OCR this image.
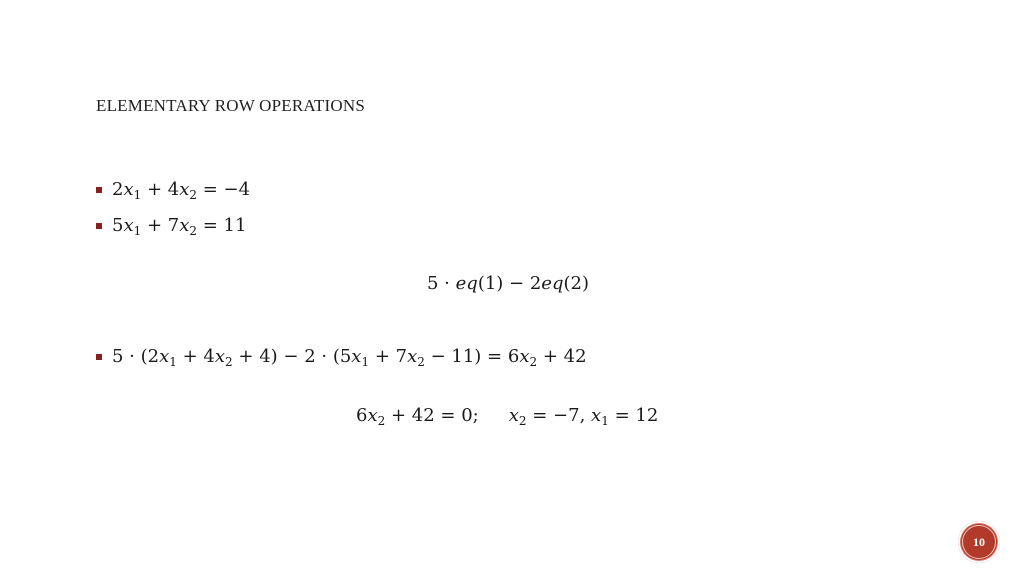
ELEMENTARY ROW OPERATIONS
$2x_1 + 4x_2 = -4$
$5x_1 + 7x_2 = 11$
5 · eq(1) − 2eq(2)
$5 \cdot (2x_1 + 4x_2 + 4) - 2 \cdot (5x_1 + 7x_2 - 11) = 6x_2 + 42$
$6x_2 + 42 = 0$; $x_2 = -7$, $x_1 = 12$
10
